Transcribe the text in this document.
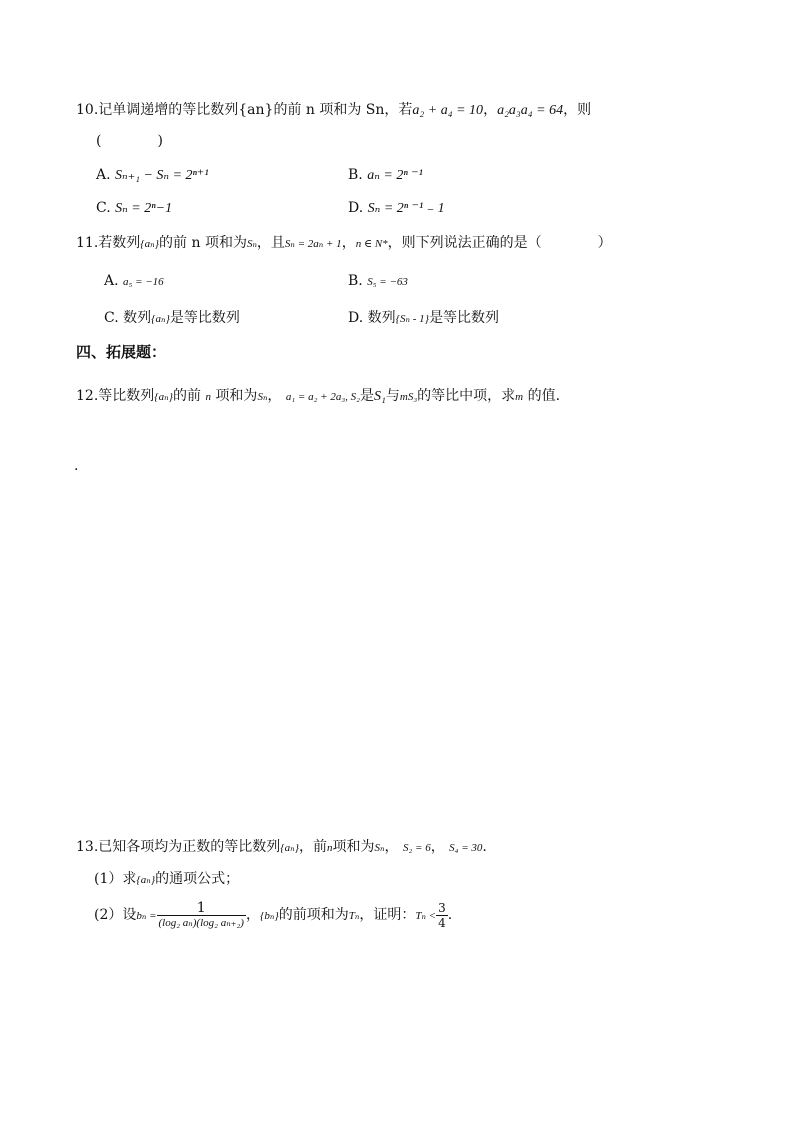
10.记单调递增的等比数列{an}的前 n 项和为 Sn，若a₂ + a₄ = 10，a₂a₃a₄ = 64，则
(　　　　)
A. Sₙ₊₁ − Sₙ = 2ⁿ⁺¹	B. aₙ = 2ⁿ ⁻¹
C. Sₙ = 2ⁿ−1	D. Sₙ = 2ⁿ ⁻¹ ₋ 1
11.若数列{aₙ}的前 n 项和为Sₙ，且Sₙ = 2aₙ + 1，n ∈ N*，则下列说法正确的是（　　　　）
A. a₅ = −16	B. S₅ = −63
C. 数列{aₙ}是等比数列	D. 数列{Sₙ - 1}是等比数列
四、拓展题：
12.等比数列{aₙ}的前 n 项和为Sₙ， a₁ = a₂ + 2a₃, S₂是S₁与mS₃的等比中项，求m 的值.
.
13.已知各项均为正数的等比数列{aₙ}，前n项和为Sₙ， S₂ = 6， S₄ = 30.
(1）求{aₙ}的通项公式；
(2）设$b_n = \frac{1}{\text{(log₂ aₙ)(log₂ aₙ₊₂)}}$ ，{bₙ}的前项和为Tₙ，证明：$T_n < \frac{3}{4}$ .
